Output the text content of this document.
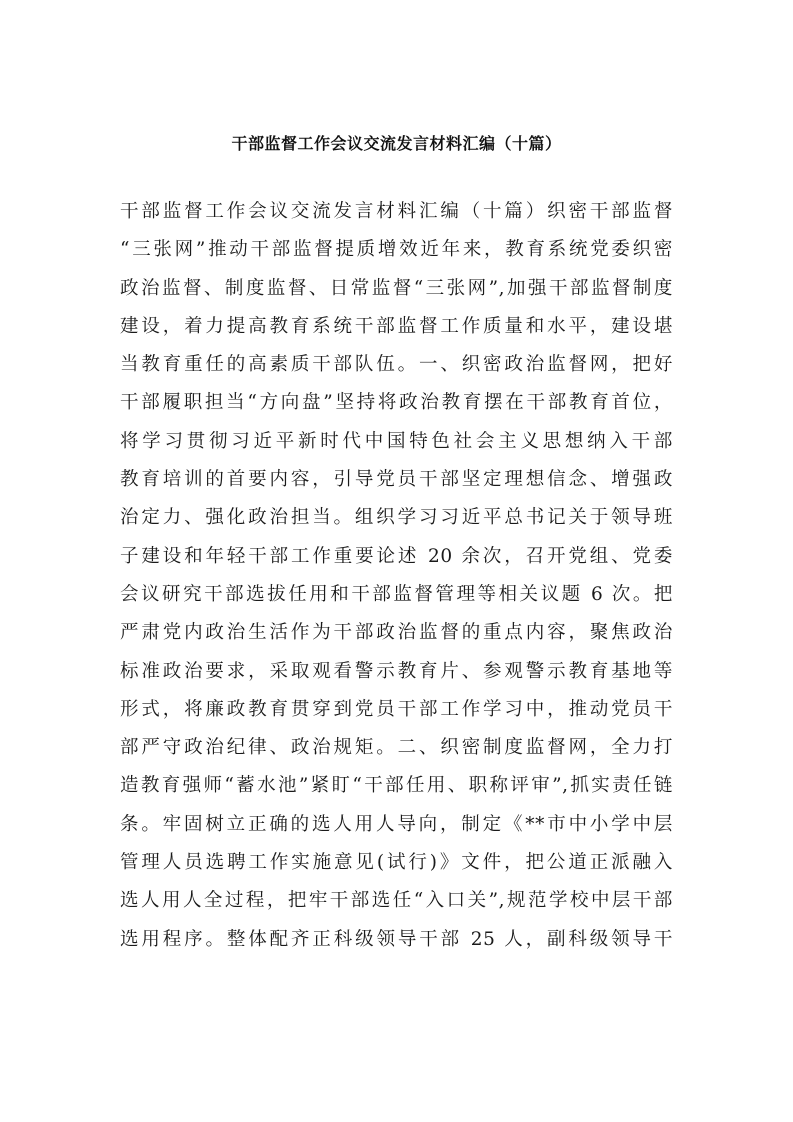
干部监督工作会议交流发言材料汇编（十篇）
干部监督工作会议交流发言材料汇编（十篇）织密干部监督
“三张网”推动干部监督提质增效近年来，教育系统党委织密
政治监督、制度监督、日常监督“三张网”,加强干部监督制度
建设，着力提高教育系统干部监督工作质量和水平，建设堪
当教育重任的高素质干部队伍。一、织密政治监督网，把好
干部履职担当“方向盘”坚持将政治教育摆在干部教育首位，
将学习贯彻习近平新时代中国特色社会主义思想纳入干部
教育培训的首要内容，引导党员干部坚定理想信念、增强政
治定力、强化政治担当。组织学习习近平总书记关于领导班
子建设和年轻干部工作重要论述 20 余次，召开党组、党委
会议研究干部选拔任用和干部监督管理等相关议题 6 次。把
严肃党内政治生活作为干部政治监督的重点内容，聚焦政治
标准政治要求，采取观看警示教育片、参观警示教育基地等
形式，将廉政教育贯穿到党员干部工作学习中，推动党员干
部严守政治纪律、政治规矩。二、织密制度监督网，全力打
造教育强师“蓄水池”紧盯“干部任用、职称评审”,抓实责任链
条。牢固树立正确的选人用人导向，制定《**市中小学中层
管理人员选聘工作实施意见(试行)》文件，把公道正派融入
选人用人全过程，把牢干部选任“入口关”,规范学校中层干部
选用程序。整体配齐正科级领导干部 25 人，副科级领导干
